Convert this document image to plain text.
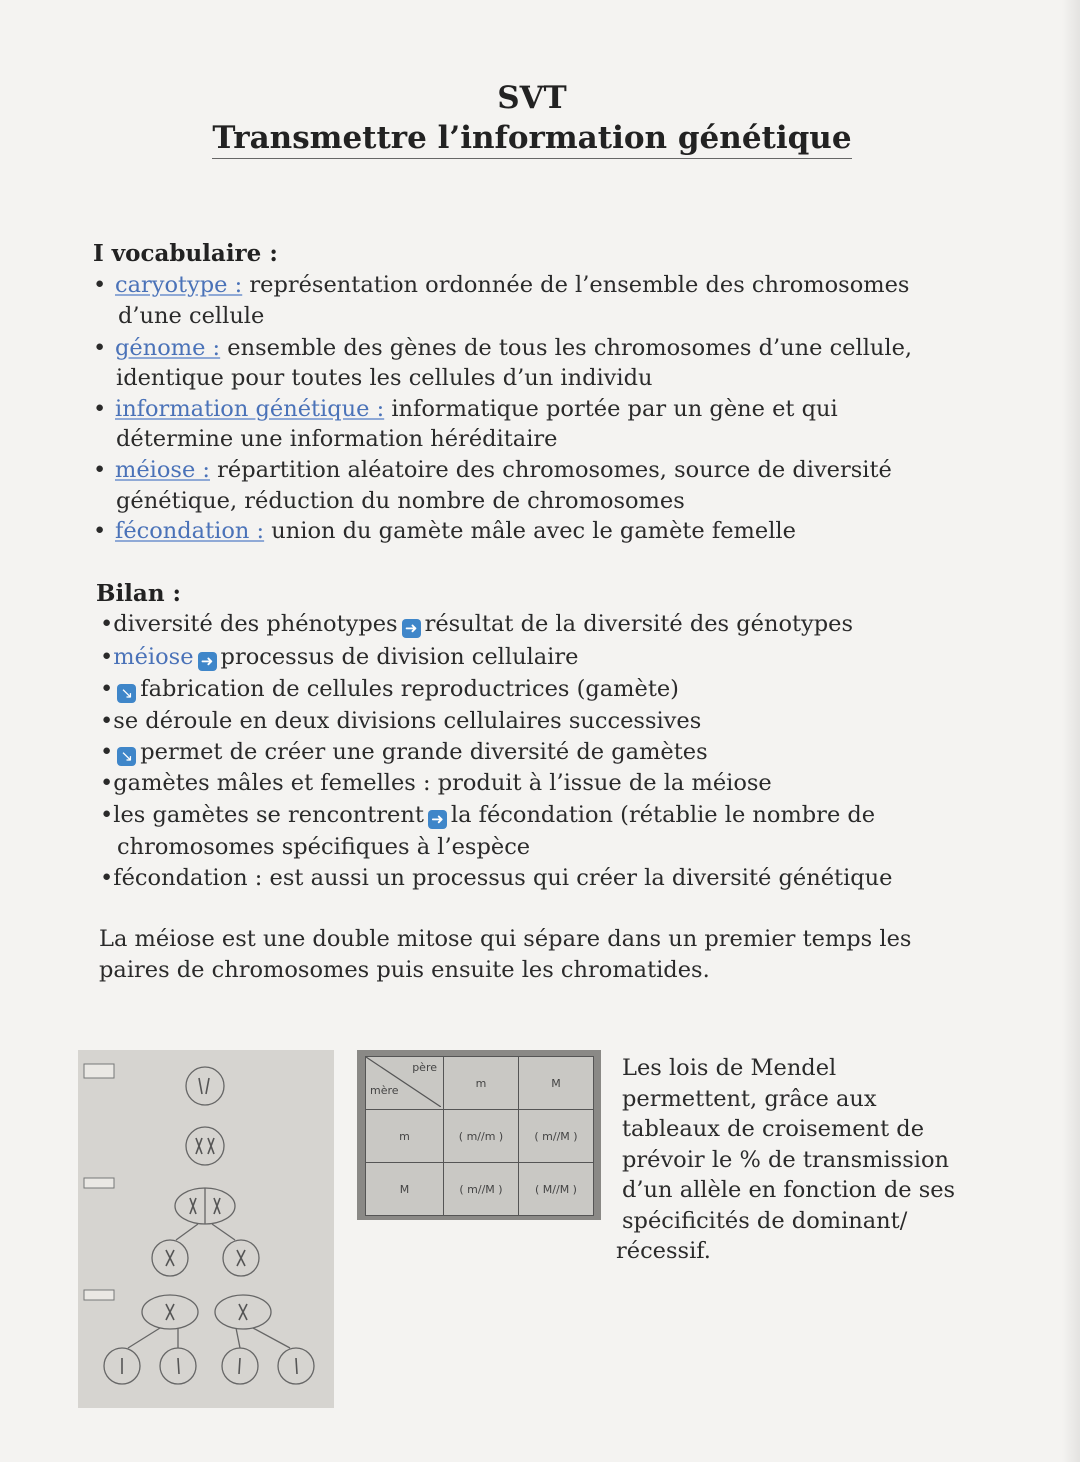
SVT
Transmettre l’information génétique
I vocabulaire :
• caryotype : représentation ordonnée de l’ensemble des chromosomes
d’une cellule
• génome : ensemble des gènes de tous les chromosomes d’une cellule,
identique pour toutes les cellules d’un individu
• information génétique : informatique portée par un gène et qui
détermine une information héréditaire
• méiose : répartition aléatoire des chromosomes, source de diversité
génétique, réduction du nombre de chromosomes
• fécondation : union du gamète mâle avec le gamète femelle
Bilan :
•diversité des phénotypes ➜ résultat de la diversité des génotypes
•méiose ➜ processus de division cellulaire
• ↘ fabrication de cellules reproductrices (gamète)
•se déroule en deux divisions cellulaires successives
• ↘ permet de créer une grande diversité de gamètes
•gamètes mâles et femelles : produit à l’issue de la méiose
•les gamètes se rencontrent ➜ la fécondation (rétablie le nombre de
chromosomes spécifiques à l’espèce
•fécondation : est aussi un processus qui créer la diversité génétique
La méiose est une double mitose qui sépare dans un premier temps les
paires de chromosomes puis ensuite les chromatides.
père
mère	m	M
m	( m//m )	( m//M )
M	( m//M )	( M//M )
Les lois de Mendel
permettent, grâce aux
tableaux de croisement de
prévoir le % de transmission
d’un allèle en fonction de ses
spécificités de dominant/
récessif.
